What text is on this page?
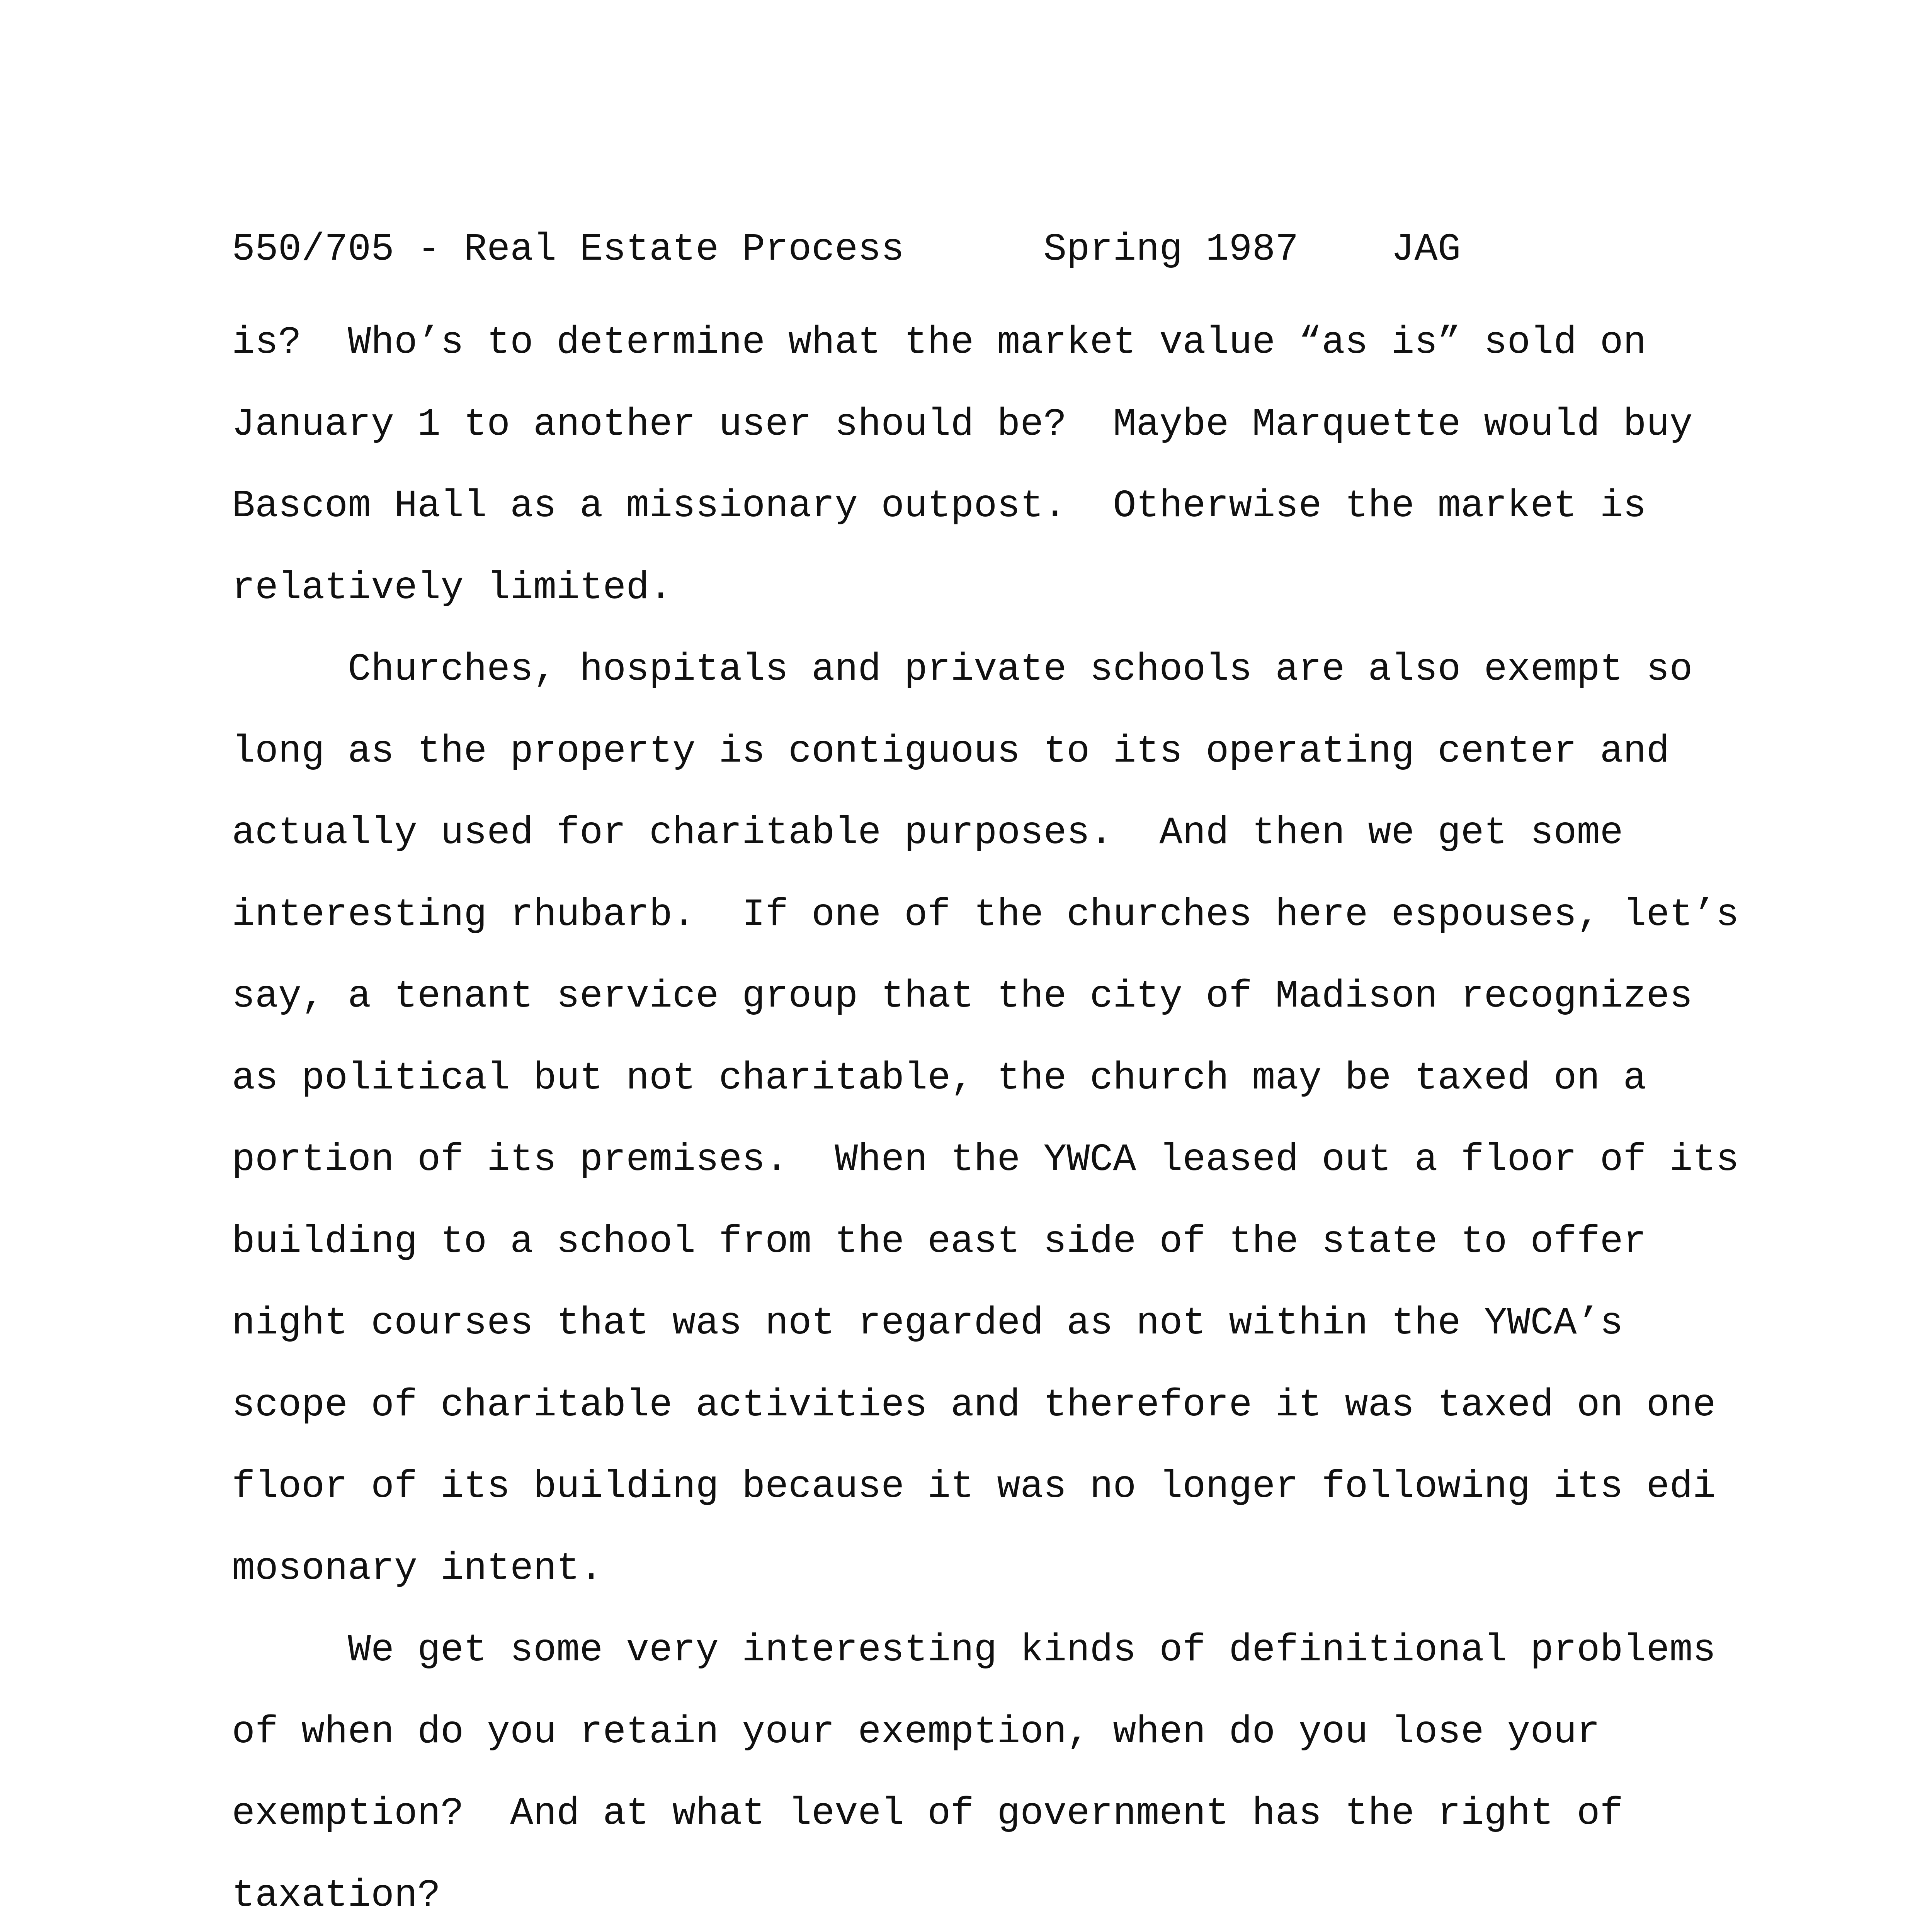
550/705 - Real Estate Process	Spring 1987 JAG
is?  Who’s to determine what the market value “as is” sold on
January 1 to another user should be?  Maybe Marquette would buy
Bascom Hall as a missionary outpost.  Otherwise the market is
relatively limited.
Churches, hospitals and private schools are also exempt so
long as the property is contiguous to its operating center and
actually used for charitable purposes.  And then we get some
interesting rhubarb.  If one of the churches here espouses, let’s
say, a tenant service group that the city of Madison recognizes
as political but not charitable, the church may be taxed on a
portion of its premises.  When the YWCA leased out a floor of its
building to a school from the east side of the state to offer
night courses that was not regarded as not within the YWCA’s
scope of charitable activities and therefore it was taxed on one
floor of its building because it was no longer following its edi
mosonary intent.
We get some very interesting kinds of definitional problems
of when do you retain your exemption, when do you lose your
exemption?  And at what level of government has the right of
taxation?
